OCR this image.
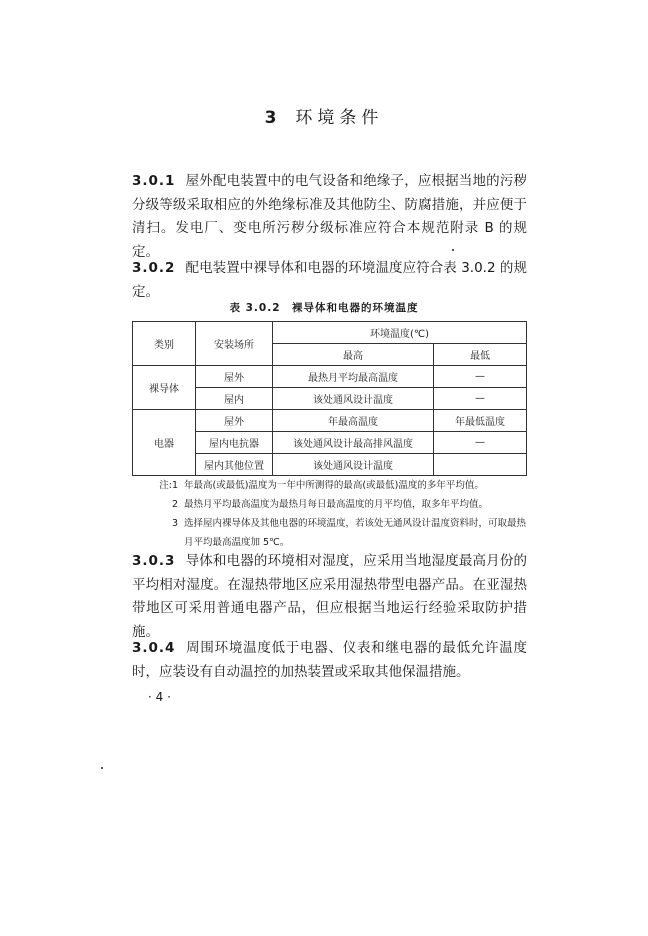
3 环境条件
3.0.1 屋外配电装置中的电气设备和绝缘子，应根据当地的污秽分级等级采取相应的外绝缘标准及其他防尘、防腐措施，并应便于清扫。发电厂、变电所污秽分级标准应符合本规范附录 B 的规定。
3.0.2 配电装置中裸导体和电器的环境温度应符合表 3.0.2 的规定。
表 3.0.2　裸导体和电器的环境温度
类别	安装场所	环境温度(℃)	
		最高	最低
裸导体	屋外	最热月平均最高温度	—
	屋内	该处通风设计温度	—
电器	屋外	年最高温度	年最低温度
	屋内电抗器	该处通风设计最高排风温度	—
	屋内其他位置	该处通风设计温度	
注:1 年最高(或最低)温度为一年中所测得的最高(或最低)温度的多年平均值。
2 最热月平均最高温度为最热月每日最高温度的月平均值，取多年平均值。
3 选择屋内裸导体及其他电器的环境温度，若该处无通风设计温度资料时，可取最热月平均最高温度加 5℃。
3.0.3 导体和电器的环境相对湿度，应采用当地湿度最高月份的平均相对湿度。在湿热带地区应采用湿热带型电器产品。在亚湿热带地区可采用普通电器产品，但应根据当地运行经验采取防护措施。
3.0.4 周围环境温度低于电器、仪表和继电器的最低允许温度时，应装设有自动温控的加热装置或采取其他保温措施。
· 4 ·
